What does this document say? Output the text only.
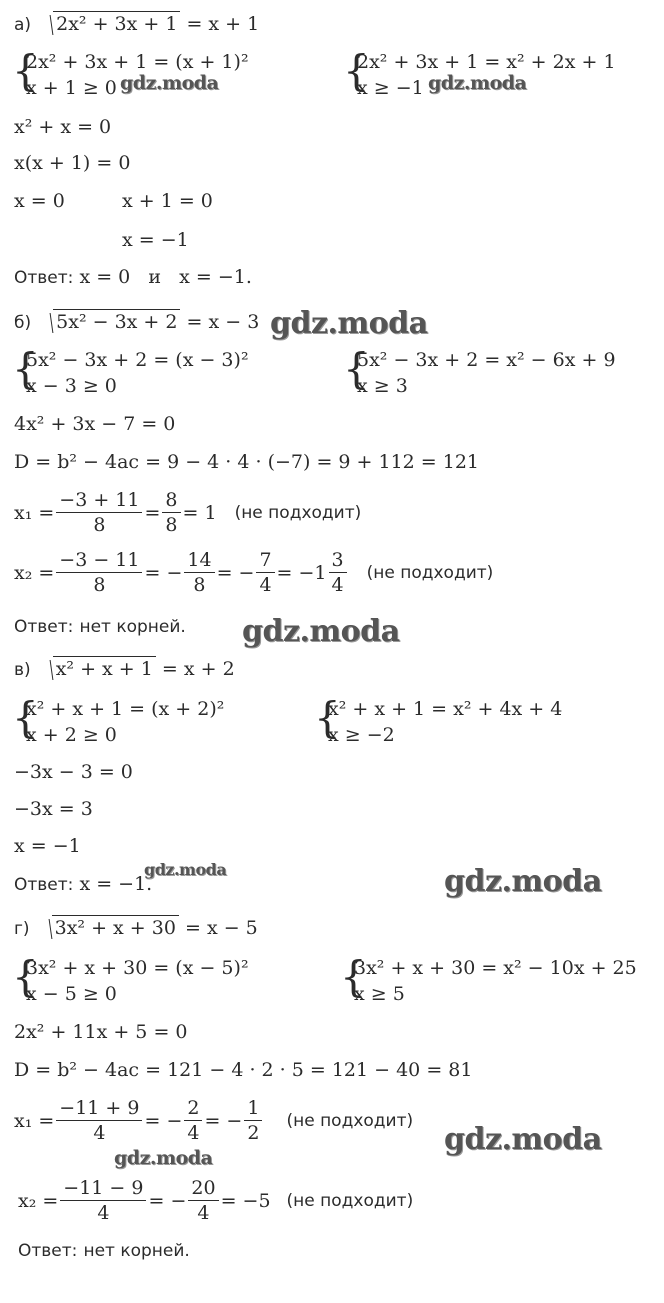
а) 2x² + 3x + 1 = x + 1
{
2x² + 3x + 1 = (x + 1)²
x + 1 ≥ 0	{
2x² + 3x + 1 = x² + 2x + 1
x ≥ −1
x² + x = 0
x(x + 1) = 0
x = 0	x + 1 = 0
x = −1
Ответ: x = 0   и   x = −1.
б) 5x² − 3x + 2 = x − 3
{
5x² − 3x + 2 = (x − 3)²
x − 3 ≥ 0	{
5x² − 3x + 2 = x² − 6x + 9
x ≥ 3
4x² + 3x − 7 = 0
D = b² − 4ac = 9 − 4 · 4 · (−7) = 9 + 112 = 121
$x_1 = \frac{-3 + 11}{8} = \frac{8}{8} = 1$ (не подходит)
$x_2 = \frac{-3 - 11}{8}$ = − $\frac{14}{8}$ = − $\frac{7}{4} = -1 \frac{3}{4} (не$ подходит)
Ответ: нет корней.
в) x² + x + 1 = x + 2
{
x² + x + 1 = (x + 2)²
x + 2 ≥ 0	{
x² + x + 1 = x² + 4x + 4
x ≥ −2
−3x − 3 = 0
−3x = 3
x = −1
Ответ: x = −1.
г) 3x² + x + 30 = x − 5
{
3x² + x + 30 = (x − 5)²
x − 5 ≥ 0	{
3x² + x + 30 = x² − 10x + 25
x ≥ 5
2x² + 11x + 5 = 0
D = b² − 4ac = 121 − 4 · 2 · 5 = 121 − 40 = 81
$x_1 = \frac{-11 + 9}{4}$ = − $\frac{2}{4}$ = − $\frac{1}{2} (не$ подходит)
$x_2 = \frac{-11 - 9}{4}$ = − $\frac{20}{4} = -5$ (не подходит)
Ответ: нет корней.
gdz.moda	gdz.moda
gdz.moda
gdz.moda
gdz.moda	gdz.moda
gdz.moda
gdz.moda
